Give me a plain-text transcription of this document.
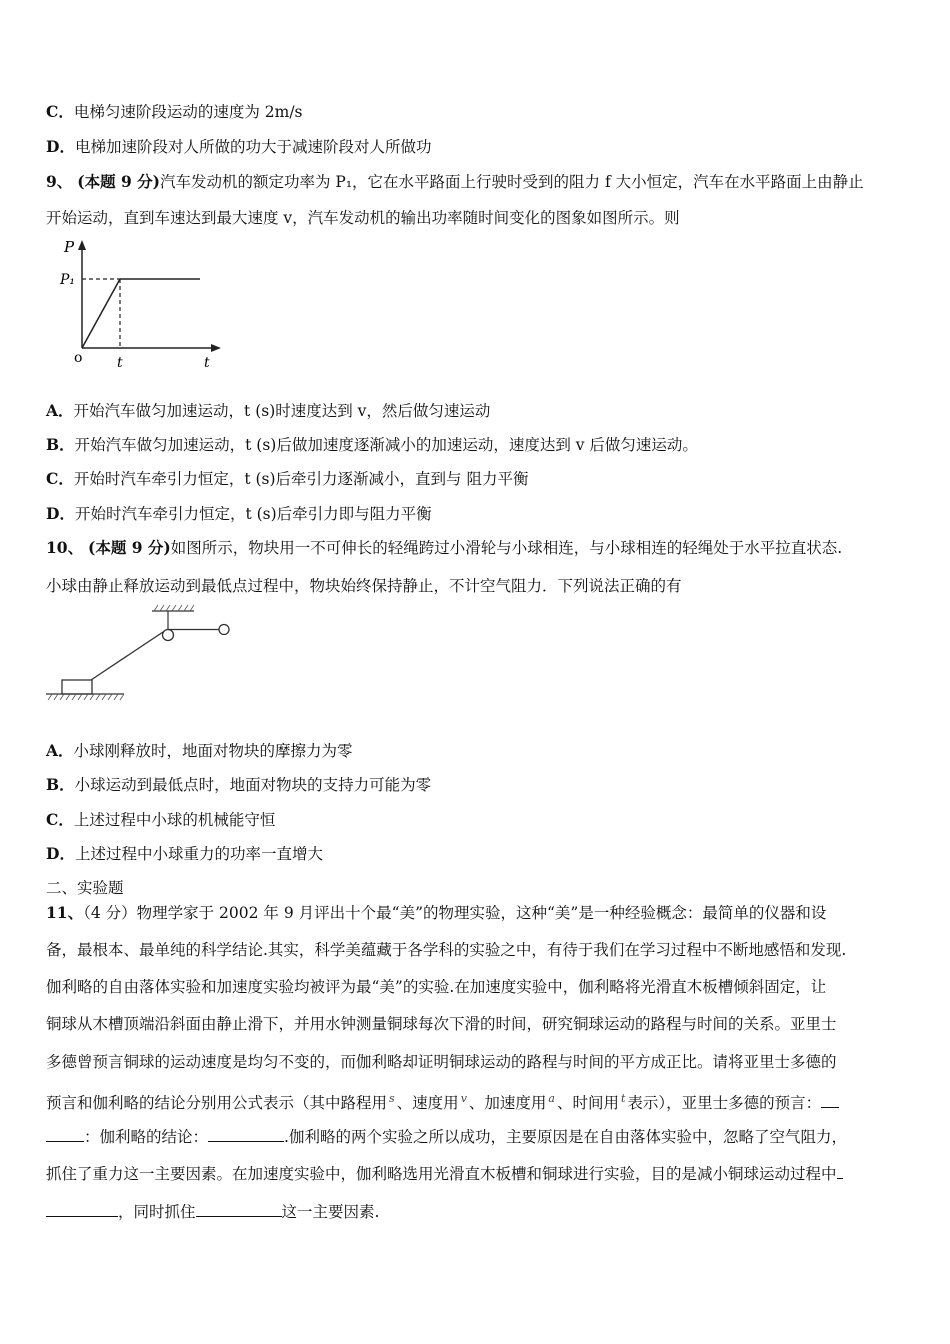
C．电梯匀速阶段运动的速度为 2m/s
D．电梯加速阶段对人所做的功大于减速阶段对人所做功
9、 (本题 9 分)汽车发动机的额定功率为 P₁，它在水平路面上行驶时受到的阻力 f 大小恒定，汽车在水平路面上由静止
开始运动，直到车速达到最大速度 v，汽车发动机的输出功率随时间变化的图象如图所示。则
P
P₁
o t	t
A．开始汽车做匀加速运动，t (s)时速度达到 v，然后做匀速运动
B．开始汽车做匀加速运动，t (s)后做加速度逐渐减小的加速运动，速度达到 v 后做匀速运动。
C．开始时汽车牵引力恒定，t (s)后牵引力逐渐减小，直到与 阻力平衡
D．开始时汽车牵引力恒定，t (s)后牵引力即与阻力平衡
10、 (本题 9 分)如图所示，物块用一不可伸长的轻绳跨过小滑轮与小球相连，与小球相连的轻绳处于水平拉直状态.
小球由静止释放运动到最低点过程中，物块始终保持静止，不计空气阻力．下列说法正确的有
A．小球刚释放时，地面对物块的摩擦力为零
B．小球运动到最低点时，地面对物块的支持力可能为零
C．上述过程中小球的机械能守恒
D．上述过程中小球重力的功率一直增大
二、实验题
11、（4 分）物理学家于 2002 年 9 月评出十个最“美”的物理实验，这种“美”是一种经验概念：最简单的仪器和设
备，最根本、最单纯的科学结论.其实，科学美蕴藏于各学科的实验之中，有待于我们在学习过程中不断地感悟和发现.
伽利略的自由落体实验和加速度实验均被评为最“美”的实验.在加速度实验中，伽利略将光滑直木板槽倾斜固定，让
铜球从木槽顶端沿斜面由静止滑下，并用水钟测量铜球每次下滑的时间，研究铜球运动的路程与时间的关系。亚里士
多德曾预言铜球的运动速度是均匀不变的，而伽利略却证明铜球运动的路程与时间的平方成正比。请将亚里士多德的
预言和伽利略的结论分别用公式表示（其中路程用 $^s$ 、速度用 $^v$ 、加速度用 $^a$ 、时间用 $^t$ 表示），亚里士多德的预言：
：伽利略的结论：	.伽利略的两个实验之所以成功，主要原因是在自由落体实验中，忽略了空气阻力，
抓住了重力这一主要因素。在加速度实验中，伽利略选用光滑直木板槽和铜球进行实验，目的是减小铜球运动过程中
，同时抓住	这一主要因素.
